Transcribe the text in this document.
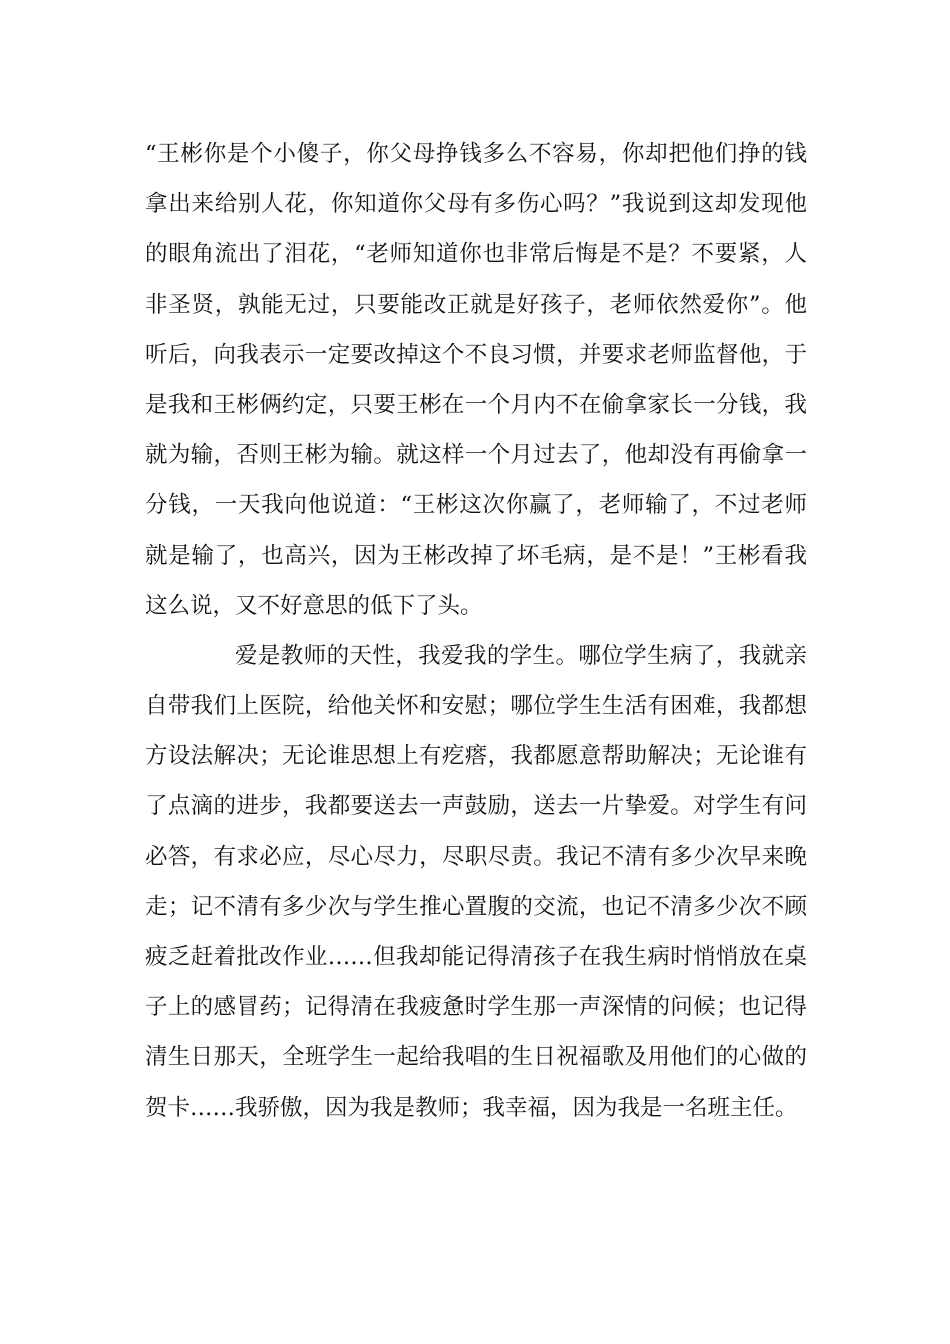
“王彬你是个小傻子，你父母挣钱多么不容易，你却把他们挣的钱
拿出来给别人花，你知道你父母有多伤心吗？”我说到这却发现他
的眼角流出了泪花，“老师知道你也非常后悔是不是？不要紧，人
非圣贤，孰能无过，只要能改正就是好孩子，老师依然爱你”。他
听后，向我表示一定要改掉这个不良习惯，并要求老师监督他，于
是我和王彬俩约定，只要王彬在一个月内不在偷拿家长一分钱，我
就为输，否则王彬为输。就这样一个月过去了，他却没有再偷拿一
分钱，一天我向他说道：“王彬这次你赢了，老师输了，不过老师
就是输了，也高兴，因为王彬改掉了坏毛病，是不是！”王彬看我
这么说，又不好意思的低下了头。
爱是教师的天性，我爱我的学生。哪位学生病了，我就亲
自带我们上医院，给他关怀和安慰；哪位学生生活有困难，我都想
方设法解决；无论谁思想上有疙瘩，我都愿意帮助解决；无论谁有
了点滴的进步，我都要送去一声鼓励，送去一片挚爱。对学生有问
必答，有求必应，尽心尽力，尽职尽责。我记不清有多少次早来晚
走；记不清有多少次与学生推心置腹的交流，也记不清多少次不顾
疲乏赶着批改作业……但我却能记得清孩子在我生病时悄悄放在桌
子上的感冒药；记得清在我疲惫时学生那一声深情的问候；也记得
清生日那天，全班学生一起给我唱的生日祝福歌及用他们的心做的
贺卡……我骄傲，因为我是教师；我幸福，因为我是一名班主任。
